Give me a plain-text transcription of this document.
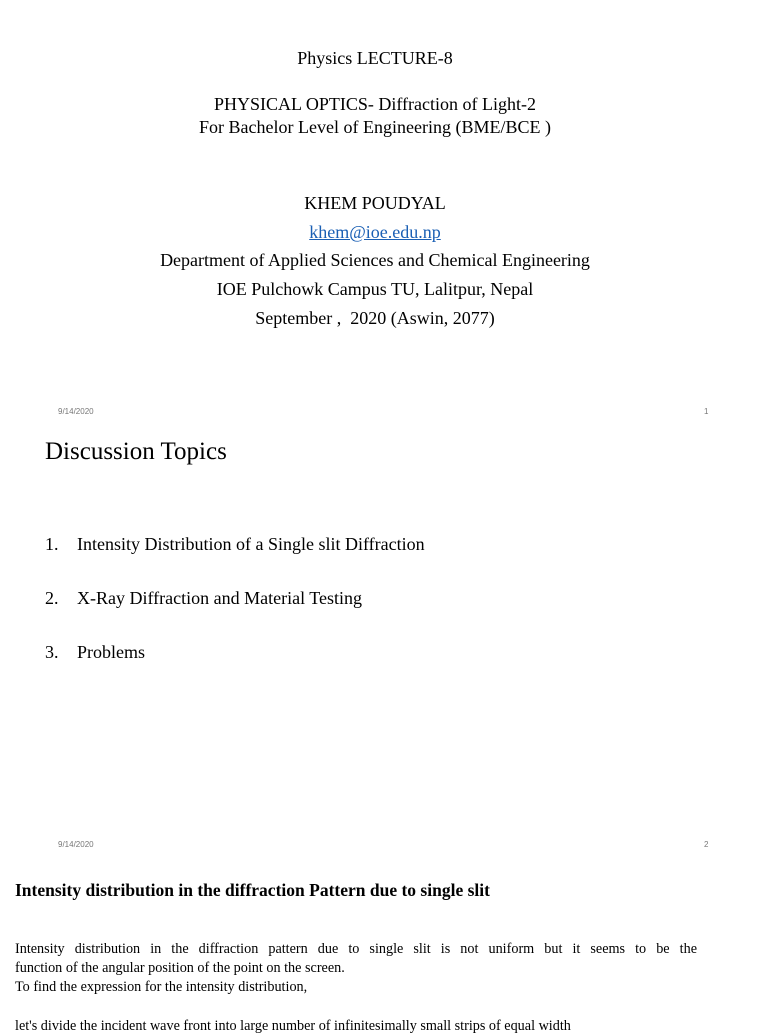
Physics LECTURE-8
PHYSICAL OPTICS- Diffraction of Light-2
For Bachelor Level of Engineering (BME/BCE )
KHEM POUDYAL
khem@ioe.edu.np
Department of Applied Sciences and Chemical Engineering
IOE Pulchowk Campus TU, Lalitpur, Nepal
September ,  2020 (Aswin, 2077)
9/14/2020	1
Discussion Topics
1. Intensity Distribution of a Single slit Diffraction
2. X-Ray Diffraction and Material Testing
3. Problems
9/14/2020	2
Intensity distribution in the diffraction Pattern due to single slit
Intensity distribution in the diffraction pattern due to single slit is not uniform but it seems to be the
function of the angular position of the point on the screen.
To find the expression for the intensity distribution,
let's divide the incident wave front into large number of infinitesimally small strips of equal width
